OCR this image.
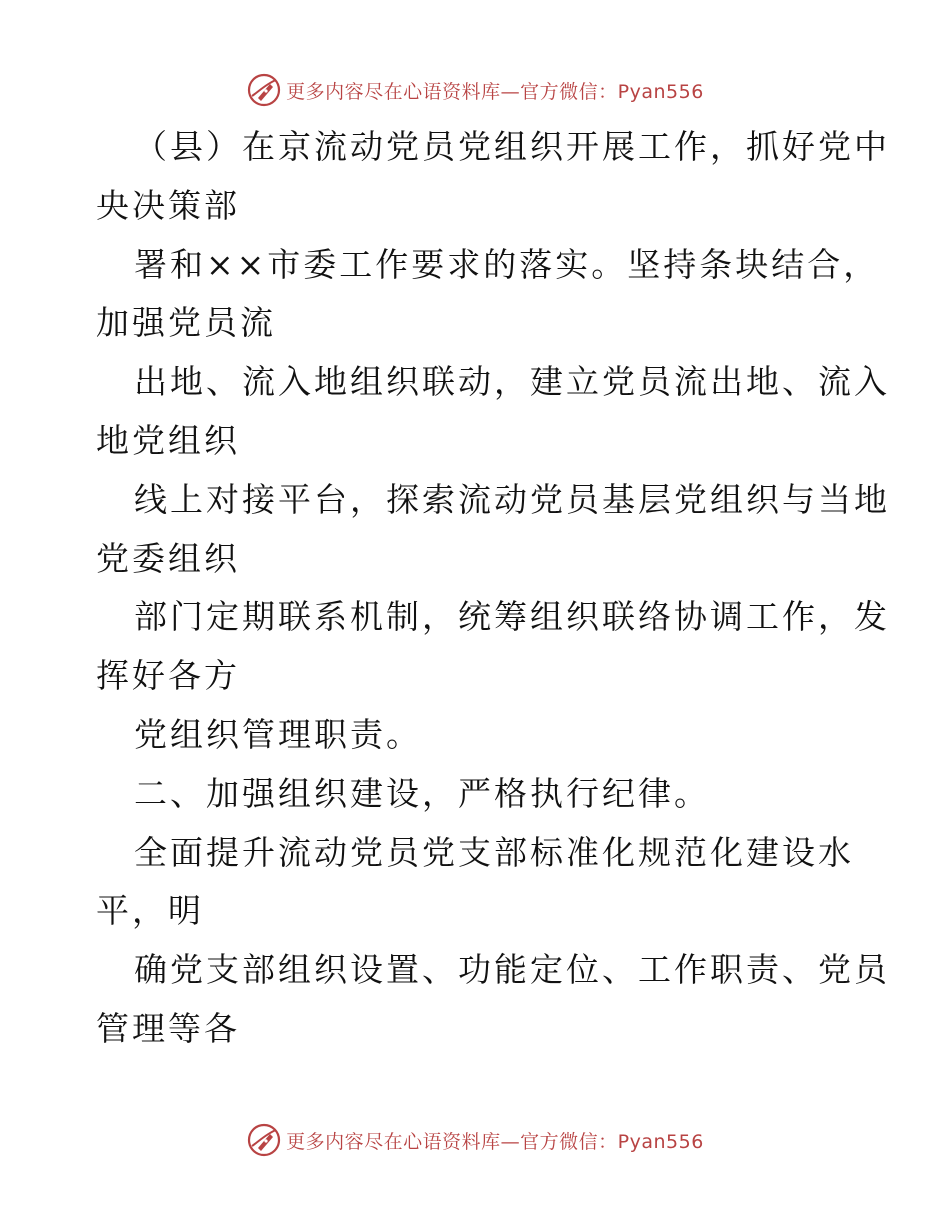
更多内容尽在心语资料库—官方微信：Pyan556
（县）在京流动党员党组织开展工作，抓好党中
央决策部
署和××市委工作要求的落实。坚持条块结合，
加强党员流
出地、流入地组织联动，建立党员流出地、流入
地党组织
线上对接平台，探索流动党员基层党组织与当地
党委组织
部门定期联系机制，统筹组织联络协调工作，发
挥好各方
党组织管理职责。
二、加强组织建设，严格执行纪律。
全面提升流动党员党支部标准化规范化建设水
平，明
确党支部组织设置、功能定位、工作职责、党员
管理等各
更多内容尽在心语资料库—官方微信：Pyan556
